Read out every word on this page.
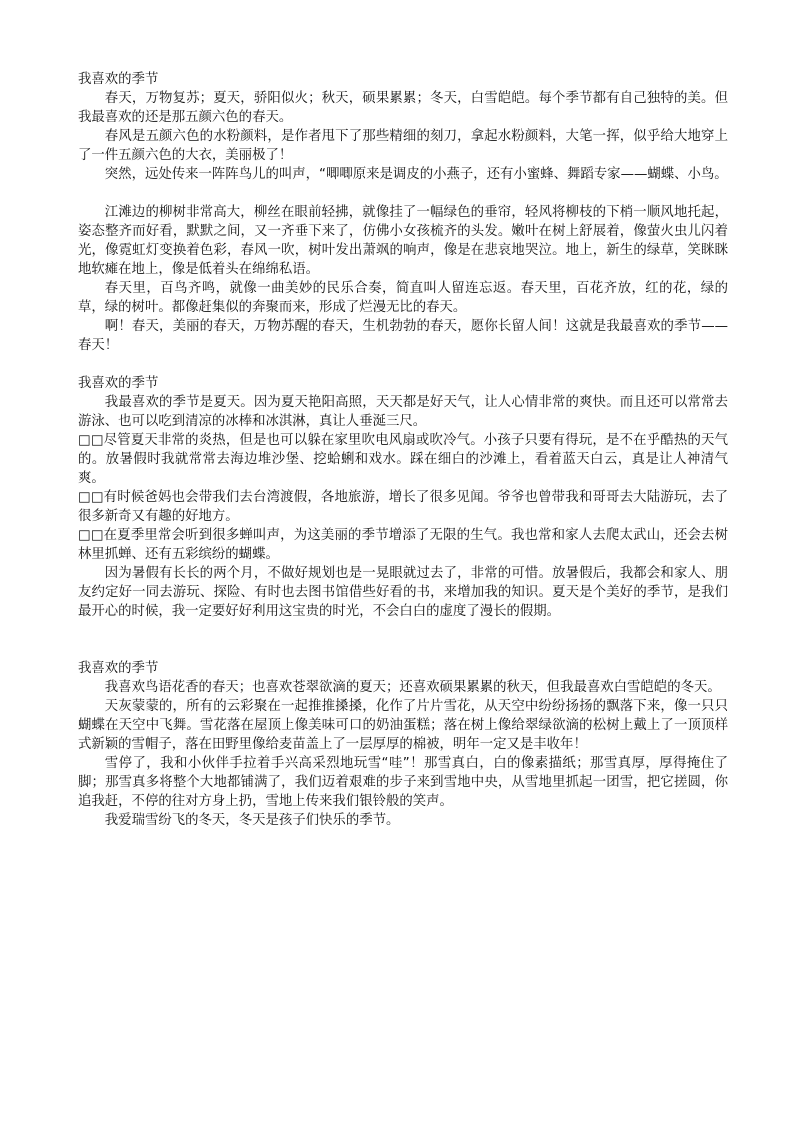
我喜欢的季节

春天，万物复苏；夏天，骄阳似火；秋天，硕果累累；冬天，白雪皑皑。每个季节都有自己独特的美。但我最喜欢的还是那五颜六色的春天。

春风是五颜六色的水粉颜料，是作者甩下了那些精细的刻刀，拿起水粉颜料，大笔一挥，似乎给大地穿上了一件五颜六色的大衣，美丽极了！

突然，远处传来一阵阵鸟儿的叫声，“唧唧原来是调皮的小燕子，还有小蜜蜂、舞蹈专家——蝴蝶、小鸟。

江滩边的柳树非常高大，柳丝在眼前轻拂，就像挂了一幅绿色的垂帘，轻风将柳枝的下梢一顺风地托起，姿态整齐而好看，默默之间，又一齐垂下来了，仿佛小女孩梳齐的头发。嫩叶在树上舒展着，像萤火虫儿闪着光，像霓虹灯变换着色彩，春风一吹，树叶发出萧飒的响声，像是在悲哀地哭泣。地上，新生的绿草，笑眯眯地软瘫在地上，像是低着头在绵绵私语。

春天里，百鸟齐鸣，就像一曲美妙的民乐合奏，简直叫人留连忘返。春天里，百花齐放，红的花，绿的草，绿的树叶。都像赶集似的奔聚而来，形成了烂漫无比的春天。

啊！春天，美丽的春天，万物苏醒的春天，生机勃勃的春天，愿你长留人间！这就是我最喜欢的季节——春天！

我喜欢的季节

我最喜欢的季节是夏天。因为夏天艳阳高照，天天都是好天气，让人心情非常的爽快。而且还可以常常去游泳、也可以吃到清凉的冰棒和冰淇淋，真让人垂涎三尺。

□□尽管夏天非常的炎热，但是也可以躲在家里吹电风扇或吹冷气。小孩子只要有得玩，是不在乎酷热的天气的。放暑假时我就常常去海边堆沙堡、挖蛤蜊和戏水。踩在细白的沙滩上，看着蓝天白云，真是让人神清气爽。

□□有时候爸妈也会带我们去台湾渡假，各地旅游，增长了很多见闻。爷爷也曾带我和哥哥去大陆游玩，去了很多新奇又有趣的好地方。

□□在夏季里常会听到很多蝉叫声，为这美丽的季节增添了无限的生气。我也常和家人去爬太武山，还会去树林里抓蝉、还有五彩缤纷的蝴蝶。

因为暑假有长长的两个月，不做好规划也是一晃眼就过去了，非常的可惜。放暑假后，我都会和家人、朋友约定好一同去游玩、探险、有时也去图书馆借些好看的书，来增加我的知识。夏天是个美好的季节，是我们最开心的时候，我一定要好好利用这宝贵的时光，不会白白的虚度了漫长的假期。

我喜欢的季节

我喜欢鸟语花香的春天；也喜欢苍翠欲滴的夏天；还喜欢硕果累累的秋天，但我最喜欢白雪皑皑的冬天。

天灰蒙蒙的，所有的云彩聚在一起推推搡搡，化作了片片雪花，从天空中纷纷扬扬的飘落下来，像一只只蝴蝶在天空中飞舞。雪花落在屋顶上像美味可口的奶油蛋糕；落在树上像给翠绿欲滴的松树上戴上了一顶顶样式新颖的雪帽子，落在田野里像给麦苗盖上了一层厚厚的棉被，明年一定又是丰收年！

雪停了，我和小伙伴手拉着手兴高采烈地玩雪“哇”！那雪真白，白的像素描纸；那雪真厚，厚得掩住了脚；那雪真多将整个大地都铺满了，我们迈着艰难的步子来到雪地中央，从雪地里抓起一团雪，把它搓圆，你追我赶，不停的往对方身上扔，雪地上传来我们银铃般的笑声。

我爱瑞雪纷飞的冬天，冬天是孩子们快乐的季节。
